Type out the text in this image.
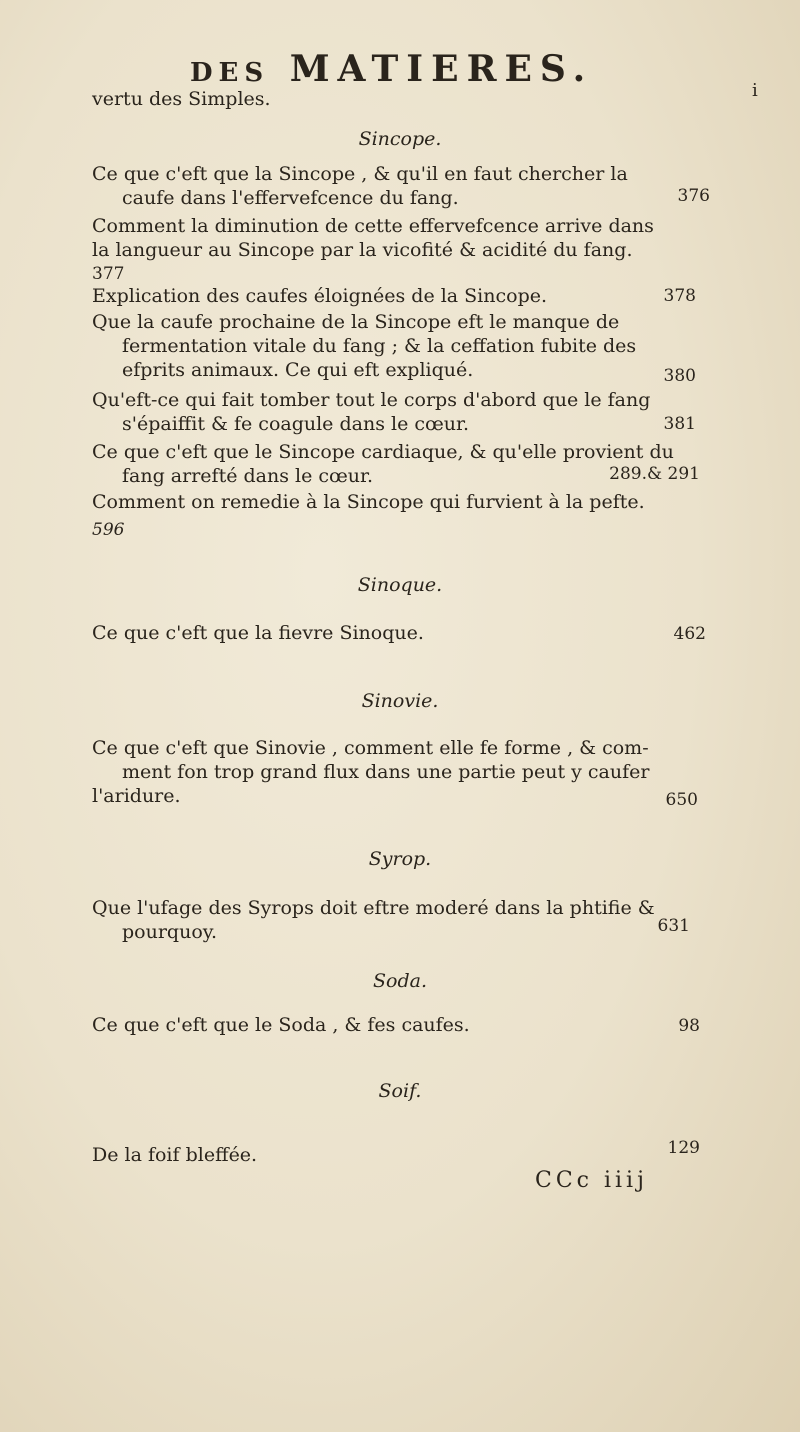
DES MATIERES.
i
vertu des Simples.
Sincope.
Ce que c'eft que la Sincope , & qu'il en faut chercher la
caufe dans l'effervefcence du fang.	376
Comment la diminution de cette effervefcence arrive dans
la langueur au Sincope par la vicofité & acidité du fang.
377
Explication des caufes éloignées de la Sincope.	378
Que la caufe prochaine de la Sincope eft le manque de
fermentation vitale du fang ; & la ceffation fubite des
efprits animaux. Ce qui eft expliqué.	380
Qu'eft-ce qui fait tomber tout le corps d'abord que le fang
s'épaiffit & fe coagule dans le cœur.	381
Ce que c'eft que le Sincope cardiaque, & qu'elle provient du
fang arrefté dans le cœur.	289.& 291
Comment on remedie à la Sincope qui furvient à la pefte.
596
Sinoque.
Ce que c'eft que la fievre Sinoque.	462
Sinovie.
Ce que c'eft que Sinovie , comment elle fe forme , & com-
ment fon trop grand flux dans une partie peut y caufer
l'aridure.	650
Syrop.
Que l'ufage des Syrops doit eftre moderé dans la phtifie &
pourquoy.	631
Soda.
Ce que c'eft que le Soda , & fes caufes.	98
Soif.
De la foif bleffée.	129
CCc iiij
